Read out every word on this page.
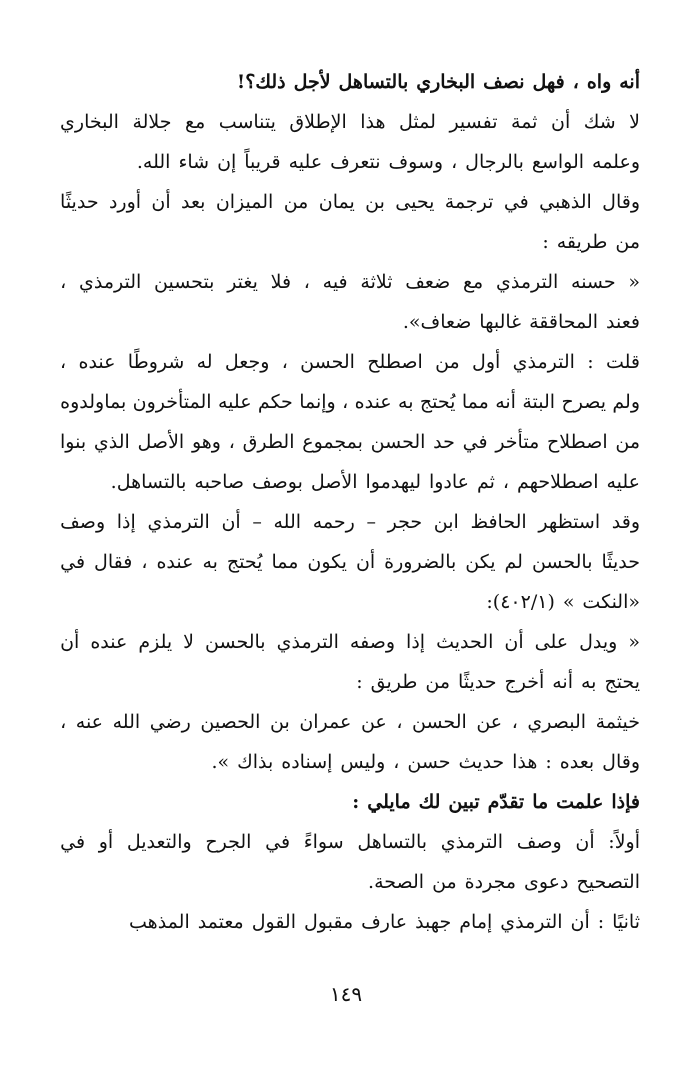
أنه
واه
،
فهل
نصف
البخاري
بالتساهل
لأجل
ذلك؟!
لا
شك
أن
ثمة
تفسير
لمثل
هذا
الإطلاق
يتناسب
مع
جلالة
البخاري
وعلمه
الواسع
بالرجال
،
وسوف
نتعرف
عليه
قريباً
إن
شاء
الله.
وقال
الذهبي
في
ترجمة
يحيى
بن
يمان
من
الميزان
بعد
أن
أورد
حديثًا
من
طريقه
:
«
حسنه
الترمذي
مع
ضعف
ثلاثة
فيه
،
فلا
يغتر
بتحسين
الترمذي
،
فعند
المحاققة
غالبها
ضعاف».
قلت
:
الترمذي
أول
من
اصطلح
الحسن
،
وجعل
له
شروطًا
عنده
،
ولم
يصرح
البتة
أنه
مما
يُحتج
به
عنده
،
وإنما
حكم
عليه
المتأخرون
بماولدوه
من
اصطلاح
متأخر
في
حد
الحسن
بمجموع
الطرق
،
وهو
الأصل
الذي
بنوا
عليه
اصطلاحهم
،
ثم
عادوا
ليهدموا
الأصل
بوصف
صاحبه
بالتساهل.
وقد
استظهر
الحافظ
ابن
حجر
–
رحمه
الله
–
أن
الترمذي
إذا
وصف
حديثًا
بالحسن
لم
يكن
بالضرورة
أن
يكون
مما
يُحتج
به
عنده
،
فقال
في
«النكت
»
(٤٠٢/١):
«
ويدل
على
أن
الحديث
إذا
وصفه
الترمذي
بالحسن
لا
يلزم
عنده
أن
يحتج
به
أنه
أخرج
حديثًا
من
طريق
:
خيثمة
البصري
،
عن
الحسن
،
عن
عمران
بن
الحصين
رضي
الله
عنه
،
وقال
بعده
:
هذا
حديث
حسن
،
وليس
إسناده
بذاك
».
فإذا
علمت
ما
تقدّم
تبين
لك
مايلي
:
أولاً:
أن
وصف
الترمذي
بالتساهل
سواءً
في
الجرح
والتعديل
أو
في
التصحيح
دعوى
مجردة
من
الصحة.
ثانيًا
:
أن
الترمذي
إمام
جهبذ
عارف
مقبول
القول
معتمد
المذهب
١٤٩
